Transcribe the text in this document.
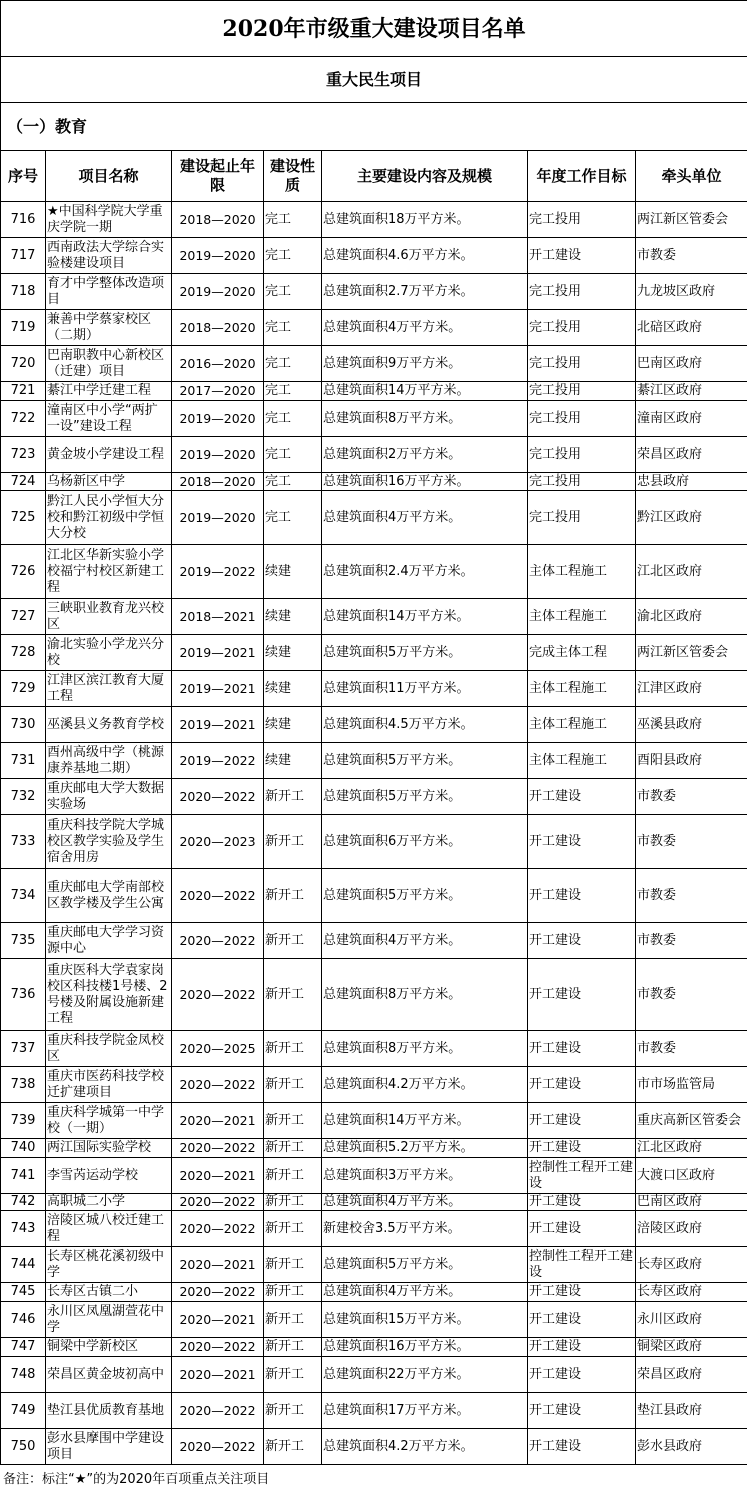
2020年市级重大建设项目名单						
重大民生项目						
（一）教育						
序号	项目名称	建设起止年限	建设性质	主要建设内容及规模	年度工作目标	牵头单位
716	★中国科学院大学重庆学院一期	2018—2020	完工	总建筑面积18万平方米。	完工投用	两江新区管委会
717	西南政法大学综合实验楼建设项目	2019—2020	完工	总建筑面积4.6万平方米。	开工建设	市教委
718	育才中学整体改造项目	2019—2020	完工	总建筑面积2.7万平方米。	完工投用	九龙坡区政府
719	兼善中学蔡家校区（二期）	2018—2020	完工	总建筑面积4万平方米。	完工投用	北碚区政府
720	巴南职教中心新校区（迁建）项目	2016—2020	完工	总建筑面积9万平方米。	完工投用	巴南区政府
721	綦江中学迁建工程	2017—2020	完工	总建筑面积14万平方米。	完工投用	綦江区政府
722	潼南区中小学“两扩一设”建设工程	2019—2020	完工	总建筑面积8万平方米。	完工投用	潼南区政府
723	黄金坡小学建设工程	2019—2020	完工	总建筑面积2万平方米。	完工投用	荣昌区政府
724	乌杨新区中学	2018—2020	完工	总建筑面积16万平方米。	完工投用	忠县政府
725	黔江人民小学恒大分校和黔江初级中学恒大分校	2019—2020	完工	总建筑面积4万平方米。	完工投用	黔江区政府
726	江北区华新实验小学校福宁村校区新建工程	2019—2022	续建	总建筑面积2.4万平方米。	主体工程施工	江北区政府
727	三峡职业教育龙兴校区	2018—2021	续建	总建筑面积14万平方米。	主体工程施工	渝北区政府
728	渝北实验小学龙兴分校	2019—2021	续建	总建筑面积5万平方米。	完成主体工程	两江新区管委会
729	江津区滨江教育大厦工程	2019—2021	续建	总建筑面积11万平方米。	主体工程施工	江津区政府
730	巫溪县义务教育学校	2019—2021	续建	总建筑面积4.5万平方米。	主体工程施工	巫溪县政府
731	酉州高级中学（桃源康养基地二期）	2019—2022	续建	总建筑面积5万平方米。	主体工程施工	酉阳县政府
732	重庆邮电大学大数据实验场	2020—2022	新开工	总建筑面积5万平方米。	开工建设	市教委
733	重庆科技学院大学城校区教学实验及学生宿舍用房	2020—2023	新开工	总建筑面积6万平方米。	开工建设	市教委
734	重庆邮电大学南部校区教学楼及学生公寓	2020—2022	新开工	总建筑面积5万平方米。	开工建设	市教委
735	重庆邮电大学学习资源中心	2020—2022	新开工	总建筑面积4万平方米。	开工建设	市教委
736	重庆医科大学袁家岗校区科技楼1号楼、2号楼及附属设施新建工程	2020—2022	新开工	总建筑面积8万平方米。	开工建设	市教委
737	重庆科技学院金凤校区	2020—2025	新开工	总建筑面积8万平方米。	开工建设	市教委
738	重庆市医药科技学校迁扩建项目	2020—2022	新开工	总建筑面积4.2万平方米。	开工建设	市市场监管局
739	重庆科学城第一中学校（一期）	2020—2021	新开工	总建筑面积14万平方米。	开工建设	重庆高新区管委会
740	两江国际实验学校	2020—2022	新开工	总建筑面积5.2万平方米。	开工建设	江北区政府
741	李雪芮运动学校	2020—2021	新开工	总建筑面积3万平方米。	控制性工程开工建设	大渡口区政府
742	高职城二小学	2020—2022	新开工	总建筑面积4万平方米。	开工建设	巴南区政府
743	涪陵区城八校迁建工程	2020—2022	新开工	新建校舍3.5万平方米。	开工建设	涪陵区政府
744	长寿区桃花溪初级中学	2020—2021	新开工	总建筑面积5万平方米。	控制性工程开工建设	长寿区政府
745	长寿区古镇二小	2020—2022	新开工	总建筑面积4万平方米。	开工建设	长寿区政府
746	永川区凤凰湖萱花中学	2020—2021	新开工	总建筑面积15万平方米。	开工建设	永川区政府
747	铜梁中学新校区	2020—2022	新开工	总建筑面积16万平方米。	开工建设	铜梁区政府
748	荣昌区黄金坡初高中	2020—2021	新开工	总建筑面积22万平方米。	开工建设	荣昌区政府
749	垫江县优质教育基地	2020—2022	新开工	总建筑面积17万平方米。	开工建设	垫江县政府
750	彭水县摩围中学建设项目	2020—2022	新开工	总建筑面积4.2万平方米。	开工建设	彭水县政府
备注：标注“★”的为2020年百项重点关注项目
